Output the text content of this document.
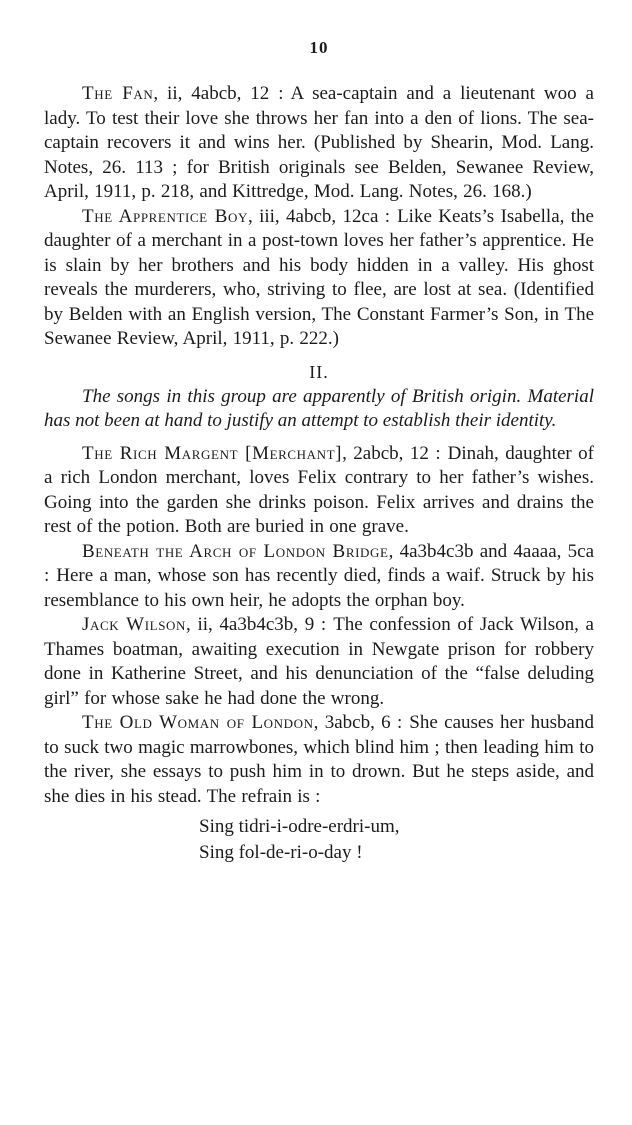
10

The Fan, ii, 4abcb, 12 : A sea-captain and a lieutenant woo a lady. To test their love she throws her fan into a den of lions. The sea-captain recovers it and wins her. (Published by Shearin, Mod. Lang. Notes, 26. 113 ; for British originals see Belden, Sewanee Review, April, 1911, p. 218, and Kittredge, Mod. Lang. Notes, 26. 168.)

The Apprentice Boy, iii, 4abcb, 12ca : Like Keats’s Isabella, the daughter of a merchant in a post-town loves her father’s apprentice. He is slain by her brothers and his body hidden in a valley. His ghost reveals the murderers, who, striving to flee, are lost at sea. (Identified by Belden with an English version, The Constant Farmer’s Son, in The Sewanee Review, April, 1911, p. 222.)

II.

The songs in this group are apparently of British origin. Material has not been at hand to justify an attempt to establish their identity.

The Rich Margent [Merchant], 2abcb, 12 : Dinah, daughter of a rich London merchant, loves Felix contrary to her father’s wishes. Going into the garden she drinks poison. Felix arrives and drains the rest of the potion. Both are buried in one grave.

Beneath the Arch of London Bridge, 4a3b4c3b and 4aaaa, 5ca : Here a man, whose son has recently died, finds a waif. Struck by his resemblance to his own heir, he adopts the orphan boy.

Jack Wilson, ii, 4a3b4c3b, 9 : The confession of Jack Wilson, a Thames boatman, awaiting execution in Newgate prison for robbery done in Katherine Street, and his denunciation of the “false deluding girl” for whose sake he had done the wrong.

The Old Woman of London, 3abcb, 6 : She causes her husband to suck two magic marrowbones, which blind him ; then leading him to the river, she essays to push him in to drown. But he steps aside, and she dies in his stead. The refrain is :

Sing tidri-i-odre-erdri-um,
Sing fol-de-ri-o-day !
